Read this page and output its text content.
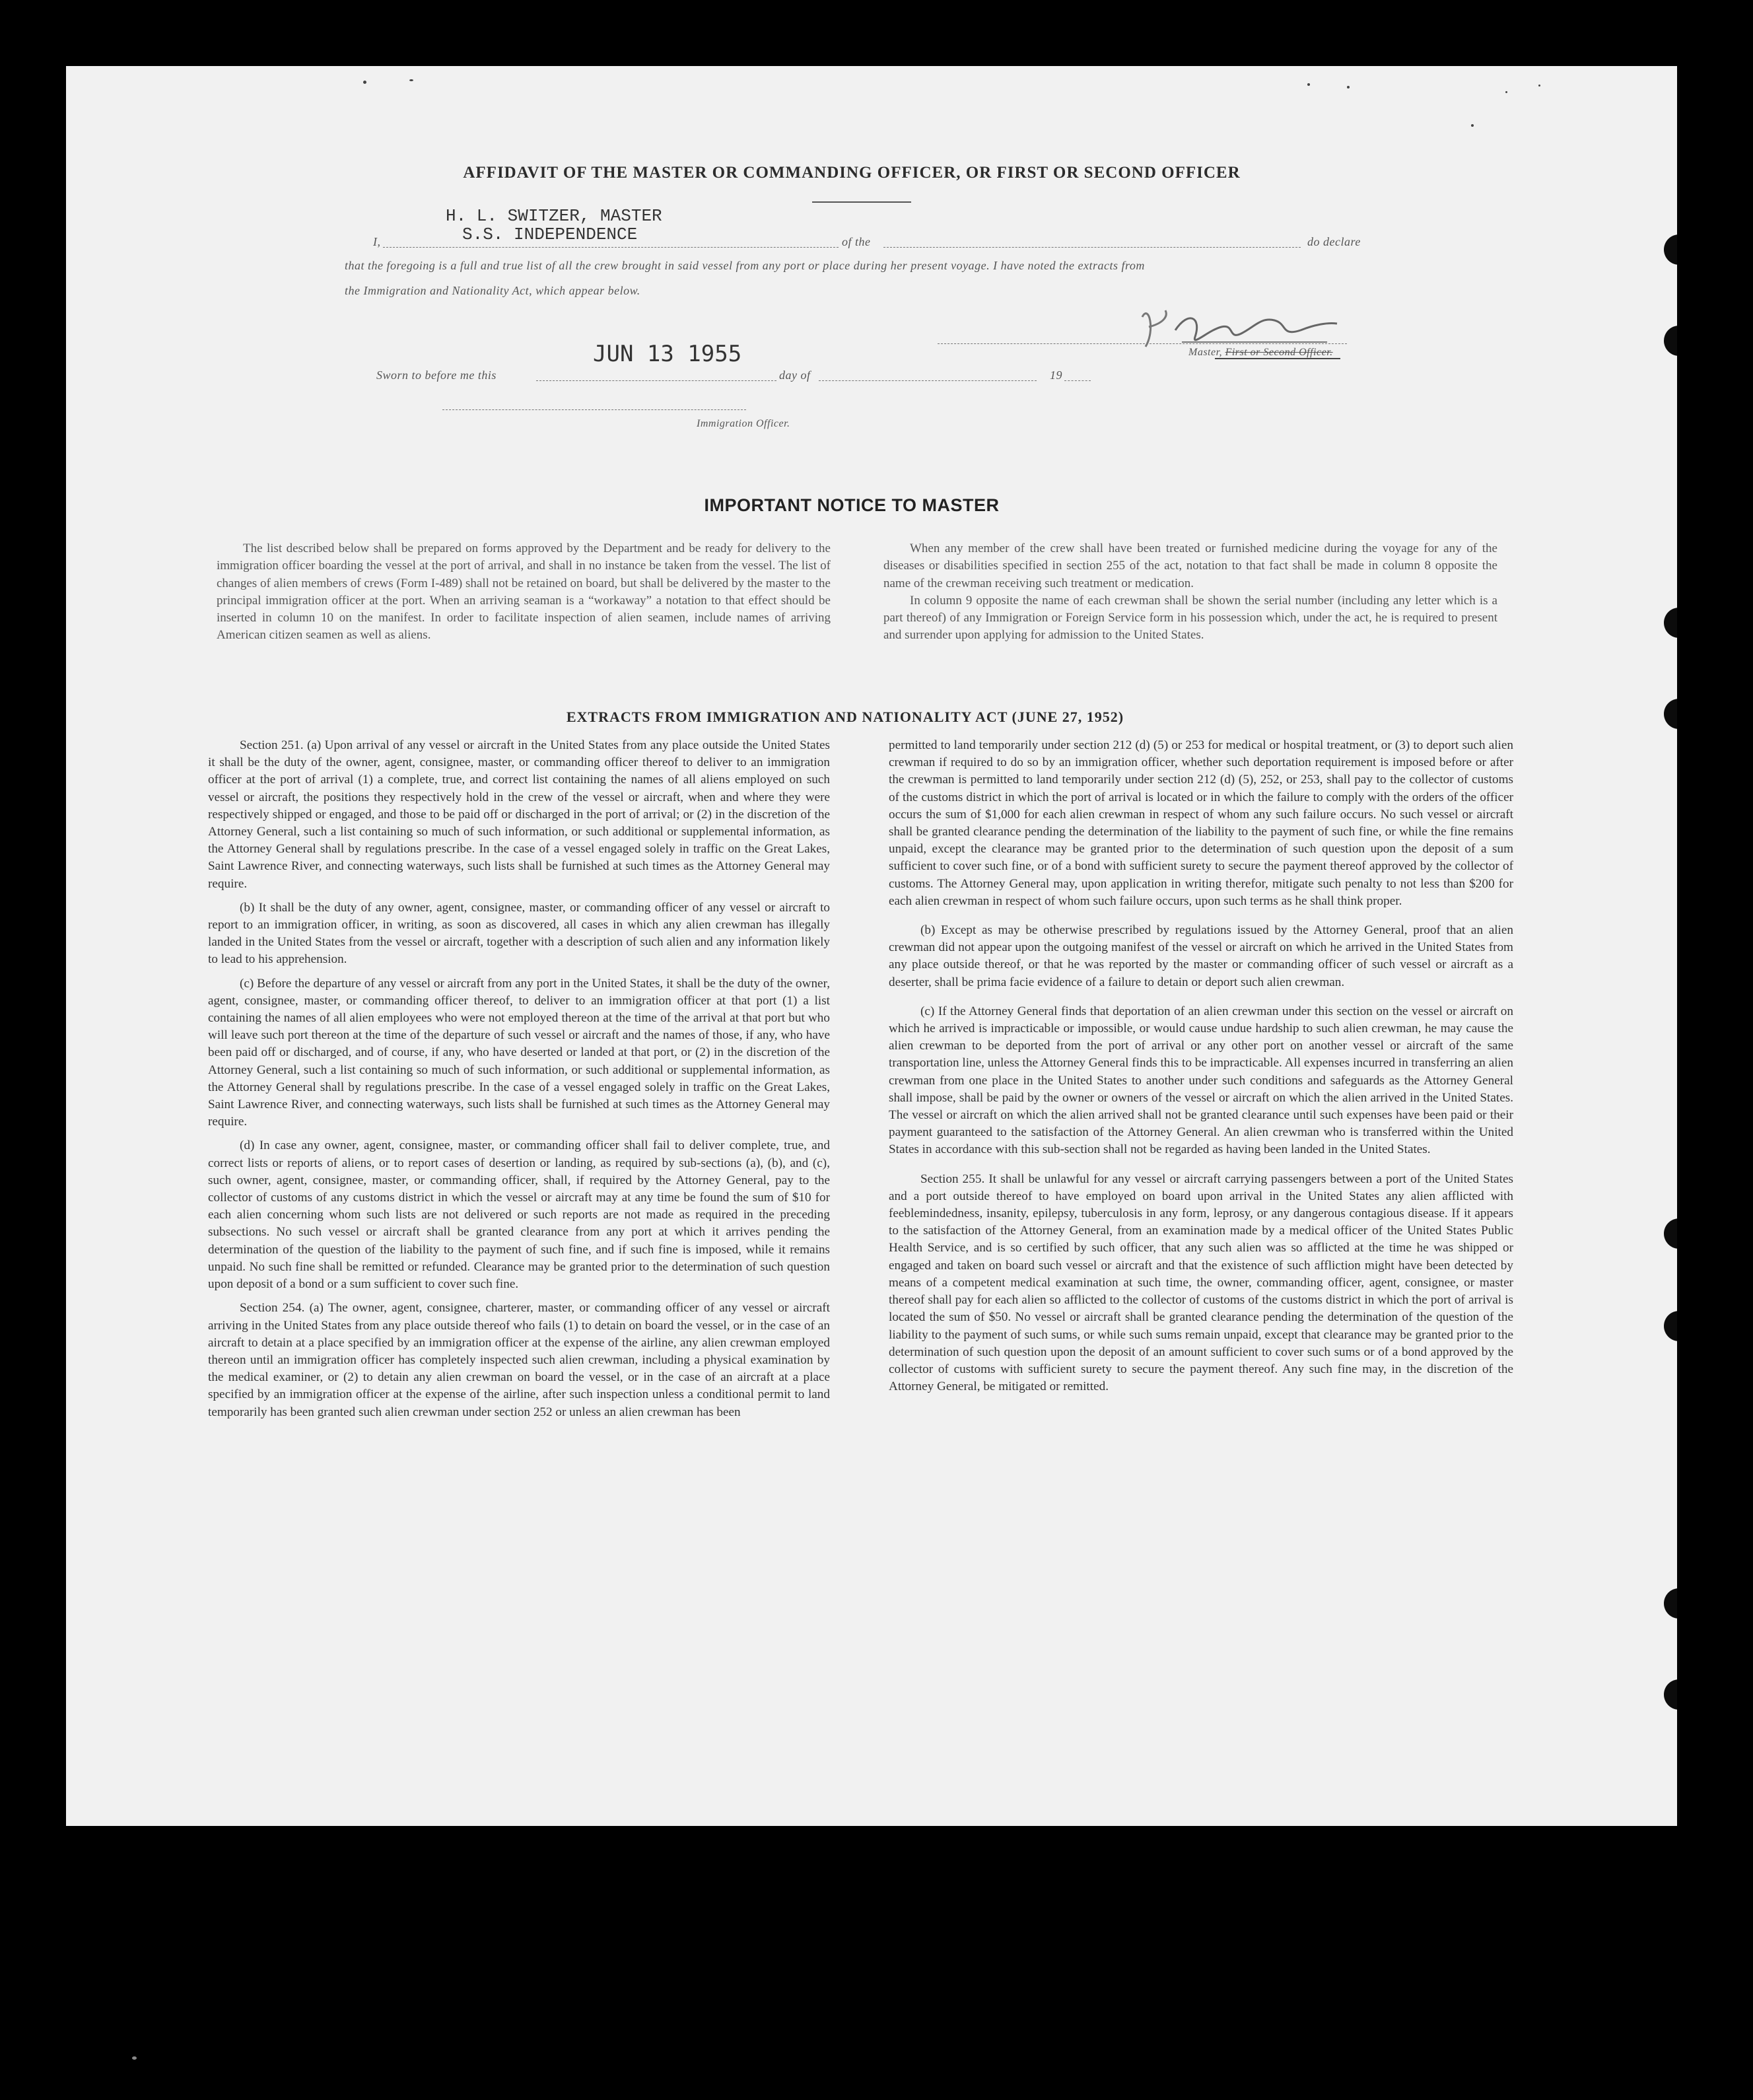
AFFIDAVIT OF THE MASTER OR COMMANDING OFFICER, OR FIRST OR SECOND OFFICER
H. L. SWITZER, MASTER
S.S. INDEPENDENCE
I,	of the	do declare
that the foregoing is a full and true list of all the crew brought in said vessel from any port or place during her present voyage. I have noted the extracts from
the Immigration and Nationality Act, which appear below.
JUN 13 1955
Sworn to before me this	day of	19
Master, First or Second Officer.
Immigration Officer.
IMPORTANT NOTICE TO MASTER

The list described below shall be prepared on forms approved by the Department and be ready for delivery to the immigration officer boarding the vessel at the port of arrival, and shall in no instance be taken from the vessel. The list of changes of alien members of crews (Form I-489) shall not be retained on board, but shall be delivered by the master to the principal immigration officer at the port. When an arriving seaman is a “workaway” a notation to that effect should be inserted in column 10 on the manifest. In order to facilitate inspection of alien seamen, include names of arriving American citizen seamen as well as aliens.

When any member of the crew shall have been treated or furnished medicine during the voyage for any of the diseases or disabilities specified in section 255 of the act, notation to that fact shall be made in column 8 opposite the name of the crewman receiving such treatment or medication.

In column 9 opposite the name of each crewman shall be shown the serial number (including any letter which is a part thereof) of any Immigration or Foreign Service form in his possession which, under the act, he is required to present and surrender upon applying for admission to the United States.

EXTRACTS FROM IMMIGRATION AND NATIONALITY ACT (JUNE 27, 1952)

Section 251. (a) Upon arrival of any vessel or aircraft in the United States from any place outside the United States it shall be the duty of the owner, agent, consignee, master, or commanding officer thereof to deliver to an immigration officer at the port of arrival (1) a complete, true, and correct list containing the names of all aliens employed on such vessel or aircraft, the positions they respectively hold in the crew of the vessel or aircraft, when and where they were respectively shipped or engaged, and those to be paid off or discharged in the port of arrival; or (2) in the discretion of the Attorney General, such a list containing so much of such information, or such additional or supplemental information, as the Attorney General shall by regulations prescribe. In the case of a vessel engaged solely in traffic on the Great Lakes, Saint Lawrence River, and connecting waterways, such lists shall be furnished at such times as the Attorney General may require.

(b) It shall be the duty of any owner, agent, consignee, master, or commanding officer of any vessel or aircraft to report to an immigration officer, in writing, as soon as discovered, all cases in which any alien crewman has illegally landed in the United States from the vessel or aircraft, together with a description of such alien and any information likely to lead to his apprehension.

(c) Before the departure of any vessel or aircraft from any port in the United States, it shall be the duty of the owner, agent, consignee, master, or commanding officer thereof, to deliver to an immigration officer at that port (1) a list containing the names of all alien employees who were not employed thereon at the time of the arrival at that port but who will leave such port thereon at the time of the departure of such vessel or aircraft and the names of those, if any, who have been paid off or discharged, and of course, if any, who have deserted or landed at that port, or (2) in the discretion of the Attorney General, such a list containing so much of such information, or such additional or supplemental information, as the Attorney General shall by regulations prescribe. In the case of a vessel engaged solely in traffic on the Great Lakes, Saint Lawrence River, and connecting waterways, such lists shall be furnished at such times as the Attorney General may require.

(d) In case any owner, agent, consignee, master, or commanding officer shall fail to deliver complete, true, and correct lists or reports of aliens, or to report cases of desertion or landing, as required by sub-sections (a), (b), and (c), such owner, agent, consignee, master, or commanding officer, shall, if required by the Attorney General, pay to the collector of customs of any customs district in which the vessel or aircraft may at any time be found the sum of $10 for each alien concerning whom such lists are not delivered or such reports are not made as required in the preceding subsections. No such vessel or aircraft shall be granted clearance from any port at which it arrives pending the determination of the question of the liability to the payment of such fine, and if such fine is imposed, while it remains unpaid. No such fine shall be remitted or refunded. Clearance may be granted prior to the determination of such question upon deposit of a bond or a sum sufficient to cover such fine.

Section 254. (a) The owner, agent, consignee, charterer, master, or commanding officer of any vessel or aircraft arriving in the United States from any place outside thereof who fails (1) to detain on board the vessel, or in the case of an aircraft to detain at a place specified by an immigration officer at the expense of the airline, any alien crewman employed thereon until an immigration officer has completely inspected such alien crewman, including a physical examination by the medical examiner, or (2) to detain any alien crewman on board the vessel, or in the case of an aircraft at a place specified by an immigration officer at the expense of the airline, after such inspection unless a conditional permit to land temporarily has been granted such alien crewman under section 252 or unless an alien crewman has been

permitted to land temporarily under section 212 (d) (5) or 253 for medical or hospital treatment, or (3) to deport such alien crewman if required to do so by an immigration officer, whether such deportation requirement is imposed before or after the crewman is permitted to land temporarily under section 212 (d) (5), 252, or 253, shall pay to the collector of customs of the customs district in which the port of arrival is located or in which the failure to comply with the orders of the officer occurs the sum of $1,000 for each alien crewman in respect of whom any such failure occurs. No such vessel or aircraft shall be granted clearance pending the determination of the liability to the payment of such fine, or while the fine remains unpaid, except the clearance may be granted prior to the determination of such question upon the deposit of a sum sufficient to cover such fine, or of a bond with sufficient surety to secure the payment thereof approved by the collector of customs. The Attorney General may, upon application in writing therefor, mitigate such penalty to not less than $200 for each alien crewman in respect of whom such failure occurs, upon such terms as he shall think proper.

(b) Except as may be otherwise prescribed by regulations issued by the Attorney General, proof that an alien crewman did not appear upon the outgoing manifest of the vessel or aircraft on which he arrived in the United States from any place outside thereof, or that he was reported by the master or commanding officer of such vessel or aircraft as a deserter, shall be prima facie evidence of a failure to detain or deport such alien crewman.

(c) If the Attorney General finds that deportation of an alien crewman under this section on the vessel or aircraft on which he arrived is impracticable or impossible, or would cause undue hardship to such alien crewman, he may cause the alien crewman to be deported from the port of arrival or any other port on another vessel or aircraft of the same transportation line, unless the Attorney General finds this to be impracticable. All expenses incurred in transferring an alien crewman from one place in the United States to another under such conditions and safeguards as the Attorney General shall impose, shall be paid by the owner or owners of the vessel or aircraft on which the alien arrived in the United States. The vessel or aircraft on which the alien arrived shall not be granted clearance until such expenses have been paid or their payment guaranteed to the satisfaction of the Attorney General. An alien crewman who is transferred within the United States in accordance with this sub-section shall not be regarded as having been landed in the United States.

Section 255. It shall be unlawful for any vessel or aircraft carrying passengers between a port of the United States and a port outside thereof to have employed on board upon arrival in the United States any alien afflicted with feeblemindedness, insanity, epilepsy, tuberculosis in any form, leprosy, or any dangerous contagious disease. If it appears to the satisfaction of the Attorney General, from an examination made by a medical officer of the United States Public Health Service, and is so certified by such officer, that any such alien was so afflicted at the time he was shipped or engaged and taken on board such vessel or aircraft and that the existence of such affliction might have been detected by means of a competent medical examination at such time, the owner, commanding officer, agent, consignee, or master thereof shall pay for each alien so afflicted to the collector of customs of the customs district in which the port of arrival is located the sum of $50. No vessel or aircraft shall be granted clearance pending the determination of the question of the liability to the payment of such sums, or while such sums remain unpaid, except that clearance may be granted prior to the determination of such question upon the deposit of an amount sufficient to cover such sums or of a bond approved by the collector of customs with sufficient surety to secure the payment thereof. Any such fine may, in the discretion of the Attorney General, be mitigated or remitted.
